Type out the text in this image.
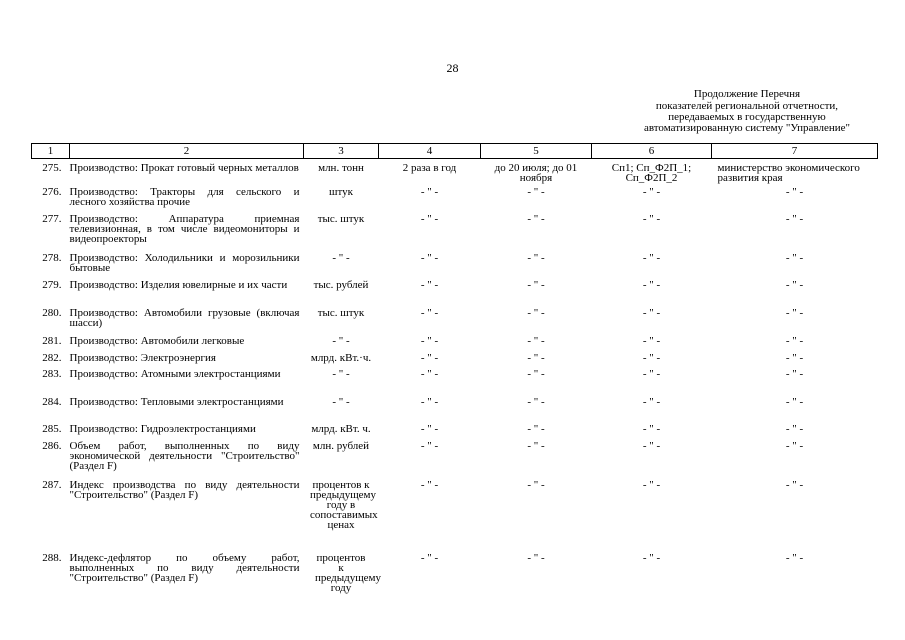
28
Продолжение Перечня
показателей региональной отчетности,
передаваемых в государственную
автоматизированную систему "Управление"
1	2	3	4	5	6	7
275.	Производство: Прокат готовый черных металлов	млн. тонн	2 раза в год	до 20 июля; до 01 ноября	Сп1; Сп_Ф2П_1; Сп_Ф2П_2	министерство экономического развития края
276.	Производство: Тракторы для сельского и лесного хозяйства прочие	штук	- " -	- " -	- " -	- " -
277.	Производство: Аппаратура приемная телевизионная, в том числе видеомониторы и видеопроекторы	тыс. штук	- " -	- " -	- " -	- " -
278.	Производство: Холодильники и морозильники бытовые	- " -	- " -	- " -	- " -	- " -
279.	Производство: Изделия ювелирные и их части	тыс. рублей	- " -	- " -	- " -	- " -
280.	Производство: Автомобили грузовые (включая шасси)	тыс. штук	- " -	- " -	- " -	- " -
281.	Производство: Автомобили легковые	- " -	- " -	- " -	- " -	- " -
282.	Производство: Электроэнергия	млрд. кВт.·ч.	- " -	- " -	- " -	- " -
283.	Производство: Атомными электростанциями	- " -	- " -	- " -	- " -	- " -
284.	Производство: Тепловыми электростанциями	- " -	- " -	- " -	- " -	- " -
285.	Производство: Гидроэлектростанциями	млрд. кВт. ч.	- " -	- " -	- " -	- " -
286.	Объем работ, выполненных по виду экономической деятельности "Строительство" (Раздел F)	млн. рублей	- " -	- " -	- " -	- " -
287.	Индекс производства по виду деятельности "Строительство" (Раздел F)	процентов к предыдущему году в сопоставимых ценах	- " -	- " -	- " -	- " -
288.	Индекс-дефлятор по объему работ, выполненных по виду деятельности "Строительство" (Раздел F)	процентов к предыдущему году	- " -	- " -	- " -	- " -
